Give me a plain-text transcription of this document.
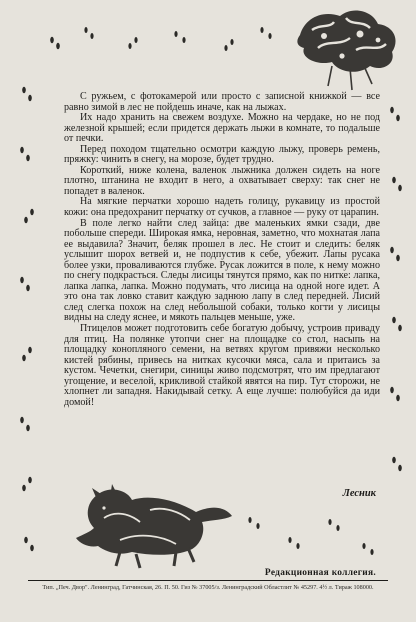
С ружьем, с фотокамерой или просто с записной книжкой — все равно зимой в лес не пойдешь иначе, как на лыжах.

Их надо хранить на свежем воздухе. Можно на чердаке, но не под железной крышей; если придется держать лыжи в комнате, то подальше от печки.

Перед походом тщательно осмотри каждую лыжу, проверь ремень, пряжку: чинить в снегу, на морозе, будет трудно.

Короткий, ниже колена, валенок лыжника должен сидеть на ноге плотно, штанина не входит в него, а охватывает сверху: так снег не попадет в валенок.

На мягкие перчатки хорошо надеть голицу, рукавицу из простой кожи: она предохранит перчатку от сучков, а главное — руку от царапин.

В поле легко найти след зайца: две маленьких ямки сзади, две побольше спереди. Широкая ямка, неровная, заметно, что мохнатая лапа ее выдавила? Значит, беляк прошел в лес. Не стоит и следить: беляк услышит шорох ветвей и, не подпустив к себе, убежит. Лапы русака более узки, проваливаются глубже. Русак ложится в поле, к нему можно по снегу подкрасться. Следы лисицы тянутся прямо, как по нитке: лапка, лапка лапка, лапка. Можно подумать, что лисица на одной ноге идет. А это она так ловко ставит каждую заднюю лапу в след передней. Лисий след слегка похож на след небольшой собаки, только когти у лисицы видны на следу яснее, и мякоть пальцев меньше, уже.

Птицелов может подготовить себе богатую добычу, устроив приваду для птиц. На полянке утопчи снег на площадке со стол, насыпь на площадку конопляного семени, на ветвях кругом привяжи несколько кистей рябины, привесь на нитках кусочки мяса, сала и притаись за кустом. Чечетки, снегири, синицы живо подсмотрят, что им предлагают угощение, и веселой, крикливой стайкой явятся на пир. Тут сторожи, не хлопнет ли западня. Накидывай сетку. А еще лучше: полюбуйся да иди домой!

Лесник
Редакционная коллегия.
Тип. „Печ. Двор". Ленинград, Гатчинская, 26. П. 50. Гиз № 37005/з. Ленинградский Областлит № 45297. 4½ л. Тираж 108000.
